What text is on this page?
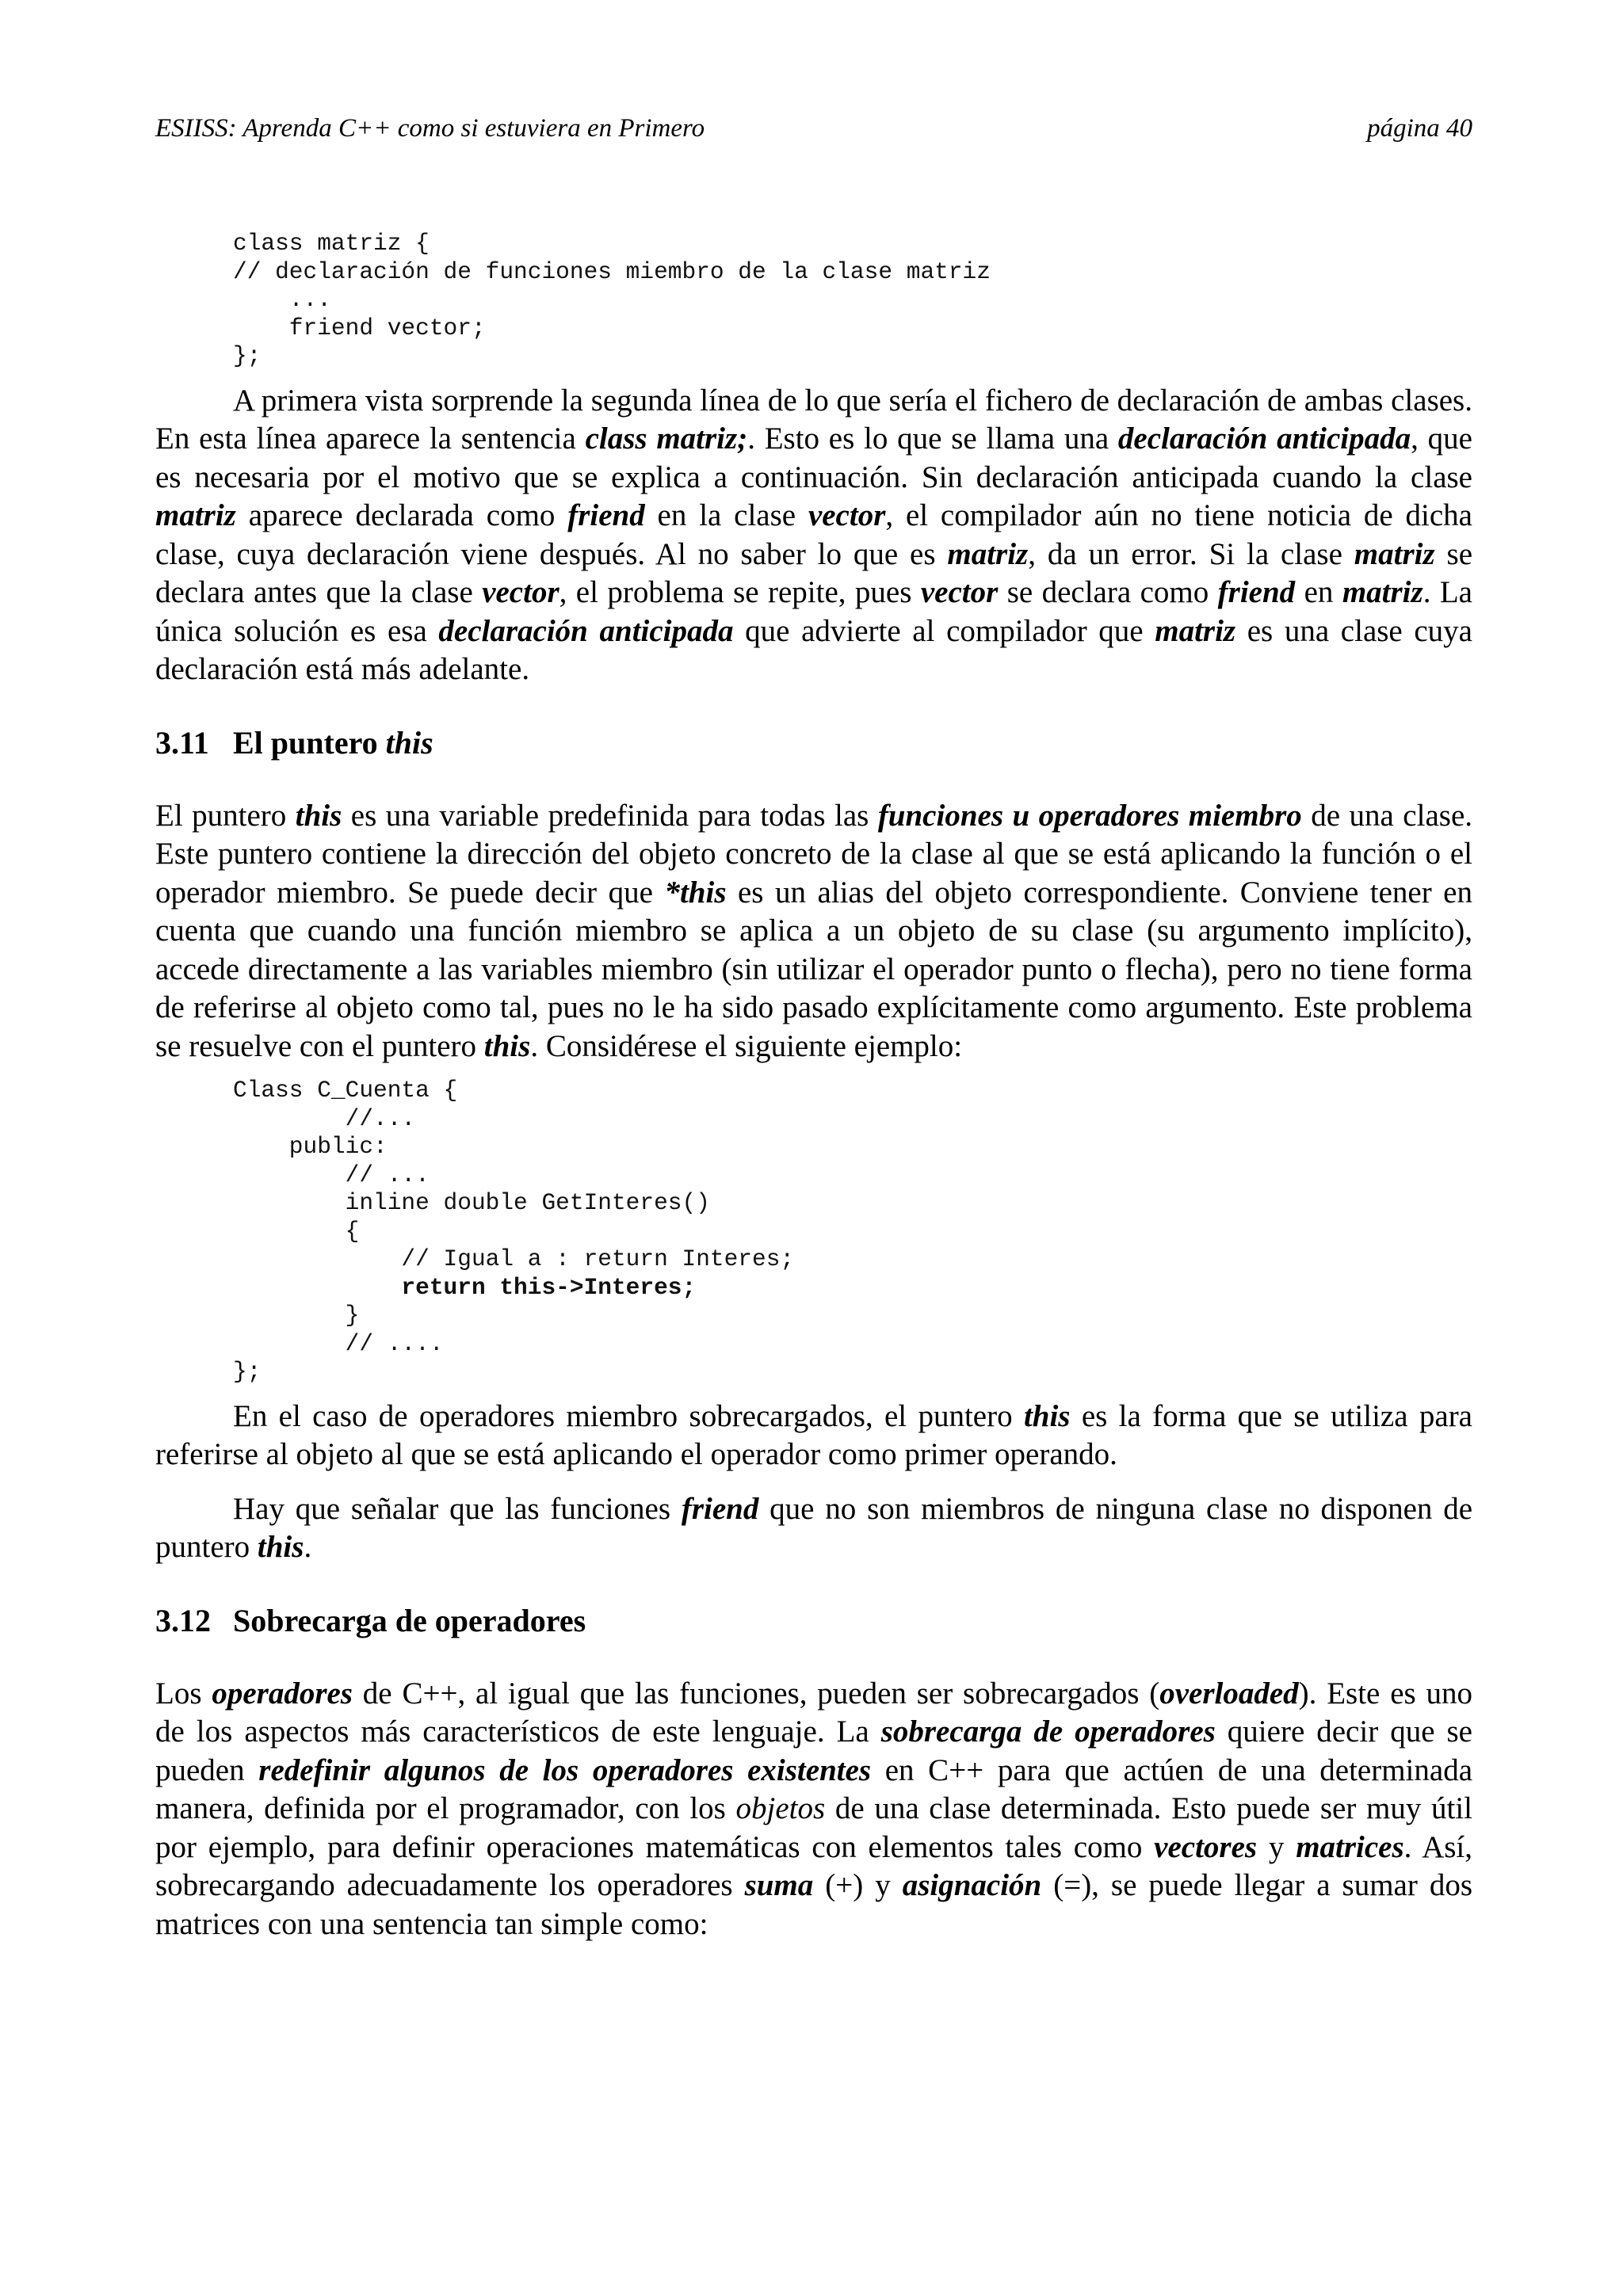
ESIISS: Aprenda C++ como si estuviera en Primero	página 40
class matriz {
// declaración de funciones miembro de la clase matriz
...
friend vector;
};

A primera vista sorprende la segunda línea de lo que sería el fichero de declaración de ambas clases. En esta línea aparece la sentencia class matriz;. Esto es lo que se llama una declaración anticipada, que es necesaria por el motivo que se explica a continuación. Sin declaración anticipada cuando la clase matriz aparece declarada como friend en la clase vector, el compilador aún no tiene noticia de dicha clase, cuya declaración viene después. Al no saber lo que es matriz, da un error. Si la clase matriz se declara antes que la clase vector, el problema se repite, pues vector se declara como friend en matriz. La única solución es esa declaración anticipada que advierte al compilador que matriz es una clase cuya declaración está más adelante.

3.11 El puntero this

El puntero this es una variable predefinida para todas las funciones u operadores miembro de una clase. Este puntero contiene la dirección del objeto concreto de la clase al que se está aplicando la función o el operador miembro. Se puede decir que *this es un alias del objeto correspondiente. Conviene tener en cuenta que cuando una función miembro se aplica a un objeto de su clase (su argumento implícito), accede directamente a las variables miembro (sin utilizar el operador punto o flecha), pero no tiene forma de referirse al objeto como tal, pues no le ha sido pasado explícitamente como argumento. Este problema se resuelve con el puntero this. Considérese el siguiente ejemplo:

Class C_Cuenta {
//...
public:
// ...
inline double GetInteres()
{
// Igual a : return Interes;
return this->Interes;
}
// ....
};

En el caso de operadores miembro sobrecargados, el puntero this es la forma que se utiliza para referirse al objeto al que se está aplicando el operador como primer operando.

Hay que señalar que las funciones friend que no son miembros de ninguna clase no disponen de puntero this.

3.12 Sobrecarga de operadores

Los operadores de C++, al igual que las funciones, pueden ser sobrecargados (overloaded). Este es uno de los aspectos más característicos de este lenguaje. La sobrecarga de operadores quiere decir que se pueden redefinir algunos de los operadores existentes en C++ para que actúen de una determinada manera, definida por el programador, con los objetos de una clase determinada. Esto puede ser muy útil por ejemplo, para definir operaciones matemáticas con elementos tales como vectores y matrices. Así, sobrecargando adecuadamente los operadores suma (+) y asignación (=), se puede llegar a sumar dos matrices con una sentencia tan simple como:
